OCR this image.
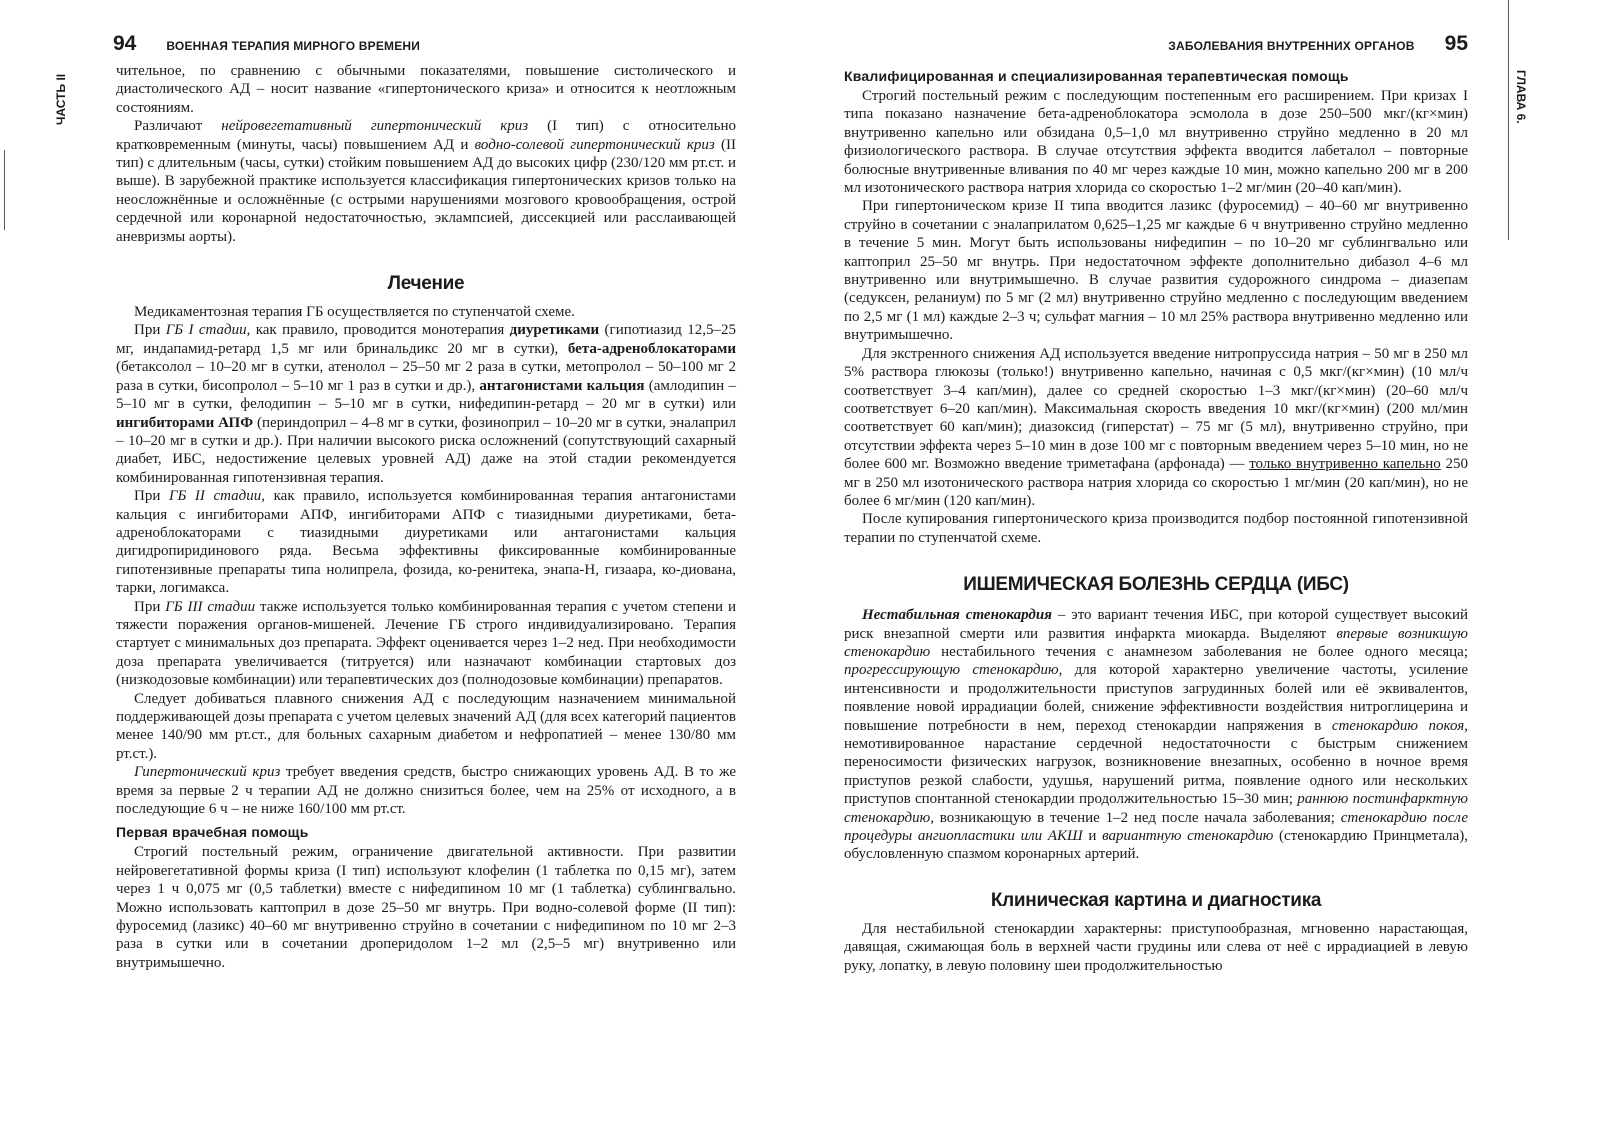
94	ВОЕННАЯ ТЕРАПИЯ МИРНОГО ВРЕМЕНИ
ЧАСТЬ II

чительное, по сравнению с обычными показателями, повышение систолического и диастолического АД – носит название «гипертонического криза» и относится к неотложным состояниям.

Различают нейровегетативный гипертонический криз (I тип) с относительно кратковременным (минуты, часы) повышением АД и водно-солевой гипертонический криз (II тип) с длительным (часы, сутки) стойким повышением АД до высоких цифр (230/120 мм рт.ст. и выше). В зарубежной практике используется классификация гипертонических кризов только на неосложнённые и осложнённые (с острыми нарушениями мозгового кровообращения, острой сердечной или коронарной недостаточностью, эклампсией, диссекцией или расслаивающей аневризмы аорты).

Лечение

Медикаментозная терапия ГБ осуществляется по ступенчатой схеме.

При ГБ I стадии, как правило, проводится монотерапия диуретиками (гипотиазид 12,5–25 мг, индапамид-ретард 1,5 мг или бринальдикс 20 мг в сутки), бета-адреноблокаторами (бетаксолол – 10–20 мг в сутки, атенолол – 25–50 мг 2 раза в сутки, метопролол – 50–100 мг 2 раза в сутки, бисопролол – 5–10 мг 1 раз в сутки и др.), антагонистами кальция (амлодипин – 5–10 мг в сутки, фелодипин – 5–10 мг в сутки, нифедипин-ретард – 20 мг в сутки) или ингибиторами АПФ (периндоприл – 4–8 мг в сутки, фозиноприл – 10–20 мг в сутки, эналаприл – 10–20 мг в сутки и др.). При наличии высокого риска осложнений (сопутствующий сахарный диабет, ИБС, недостижение целевых уровней АД) даже на этой стадии рекомендуется комбинированная гипотензивная терапия.

При ГБ II стадии, как правило, используется комбинированная терапия антагонистами кальция с ингибиторами АПФ, ингибиторами АПФ с тиазидными диуретиками, бета-адреноблокаторами с тиазидными диуретиками или антагонистами кальция дигидропиридинового ряда. Весьма эффективны фиксированные комбинированные гипотензивные препараты типа нолипрела, фозида, ко-ренитека, энапа-Н, гизаара, ко-диована, тарки, логимакса.

При ГБ III стадии также используется только комбинированная терапия с учетом степени и тяжести поражения органов-мишеней. Лечение ГБ строго индивидуализировано. Терапия стартует с минимальных доз препарата. Эффект оценивается через 1–2 нед. При необходимости доза препарата увеличивается (титруется) или назначают комбинации стартовых доз (низкодозовые комбинации) или терапевтических доз (полнодозовые комбинации) препаратов.

Следует добиваться плавного снижения АД с последующим назначением минимальной поддерживающей дозы препарата с учетом целевых значений АД (для всех категорий пациентов менее 140/90 мм рт.ст., для больных сахарным диабетом и нефропатией – менее 130/80 мм рт.ст.).

Гипертонический криз требует введения средств, быстро снижающих уровень АД. В то же время за первые 2 ч терапии АД не должно снизиться более, чем на 25% от исходного, а в последующие 6 ч – не ниже 160/100 мм рт.ст.

Первая врачебная помощь

Строгий постельный режим, ограничение двигательной активности. При развитии нейровегетативной формы криза (I тип) используют клофелин (1 таблетка по 0,15 мг), затем через 1 ч 0,075 мг (0,5 таблетки) вместе с нифедипином 10 мг (1 таблетка) сублингвально. Можно использовать каптоприл в дозе 25–50 мг внутрь. При водно-солевой форме (II тип): фуросемид (лазикс) 40–60 мг внутривенно струйно в сочетании с нифедипином по 10 мг 2–3 раза в сутки или в сочетании дроперидолом 1–2 мл (2,5–5 мг) внутривенно или внутримышечно.

ЗАБОЛЕВАНИЯ ВНУТРЕННИХ ОРГАНОВ 95
ГЛАВА 6.
Квалифицированная и специализированная терапевтическая помощь

Строгий постельный режим с последующим постепенным его расширением. При кризах I типа показано назначение бета-адреноблокатора эсмолола в дозе 250–500 мкг/(кг×мин) внутривенно капельно или обзидана 0,5–1,0 мл внутривенно струйно медленно в 20 мл физиологического раствора. В случае отсутствия эффекта вводится лабеталол – повторные болюсные внутривенные вливания по 40 мг через каждые 10 мин, можно капельно 200 мг в 200 мл изотонического раствора натрия хлорида со скоростью 1–2 мг/мин (20–40 кап/мин).

При гипертоническом кризе II типа вводится лазикс (фуросемид) – 40–60 мг внутривенно струйно в сочетании с эналаприлатом 0,625–1,25 мг каждые 6 ч внутривенно струйно медленно в течение 5 мин. Могут быть использованы нифедипин – по 10–20 мг сублингвально или каптоприл 25–50 мг внутрь. При недостаточном эффекте дополнительно дибазол 4–6 мл внутривенно или внутримышечно. В случае развития судорожного синдрома – диазепам (седуксен, реланиум) по 5 мг (2 мл) внутривенно струйно медленно с последующим введением по 2,5 мг (1 мл) каждые 2–3 ч; сульфат магния – 10 мл 25% раствора внутривенно медленно или внутримышечно.

Для экстренного снижения АД используется введение нитропруссида натрия – 50 мг в 250 мл 5% раствора глюкозы (только!) внутривенно капельно, начиная с 0,5 мкг/(кг×мин) (10 мл/ч соответствует 3–4 кап/мин), далее со средней скоростью 1–3 мкг/(кг×мин) (20–60 мл/ч соответствует 6–20 кап/мин). Максимальная скорость введения 10 мкг/(кг×мин) (200 мл/мин соответствует 60 кап/мин); диазоксид (гиперстат) – 75 мг (5 мл), внутривенно струйно, при отсутствии эффекта через 5–10 мин в дозе 100 мг с повторным введением через 5–10 мин, но не более 600 мг. Возможно введение триметафана (арфонада) — только внутривенно капельно 250 мг в 250 мл изотонического раствора натрия хлорида со скоростью 1 мг/мин (20 кап/мин), но не более 6 мг/мин (120 кап/мин).

После купирования гипертонического криза производится подбор постоянной гипотензивной терапии по ступенчатой схеме.

ИШЕМИЧЕСКАЯ БОЛЕЗНЬ СЕРДЦА (ИБС)

Нестабильная стенокардия – это вариант течения ИБС, при которой существует высокий риск внезапной смерти или развития инфаркта миокарда. Выделяют впервые возникшую стенокардию нестабильного течения с анамнезом заболевания не более одного месяца; прогрессирующую стенокардию, для которой характерно увеличение частоты, усиление интенсивности и продолжительности приступов загрудинных болей или её эквивалентов, появление новой иррадиации болей, снижение эффективности воздействия нитроглицерина и повышение потребности в нем, переход стенокардии напряжения в стенокардию покоя, немотивированное нарастание сердечной недостаточности с быстрым снижением переносимости физических нагрузок, возникновение внезапных, особенно в ночное время приступов резкой слабости, удушья, нарушений ритма, появление одного или нескольких приступов спонтанной стенокардии продолжительностью 15–30 мин; раннюю постинфарктную стенокардию, возникающую в течение 1–2 нед после начала заболевания; стенокардию после процедуры ангиопластики или АКШ и вариантную стенокардию (стенокардию Принцметала), обусловленную спазмом коронарных артерий.

Клиническая картина и диагностика

Для нестабильной стенокардии характерны: приступообразная, мгновенно нарастающая, давящая, сжимающая боль в верхней части грудины или слева от неё с иррадиацией в левую руку, лопатку, в левую половину шеи продолжительностью
